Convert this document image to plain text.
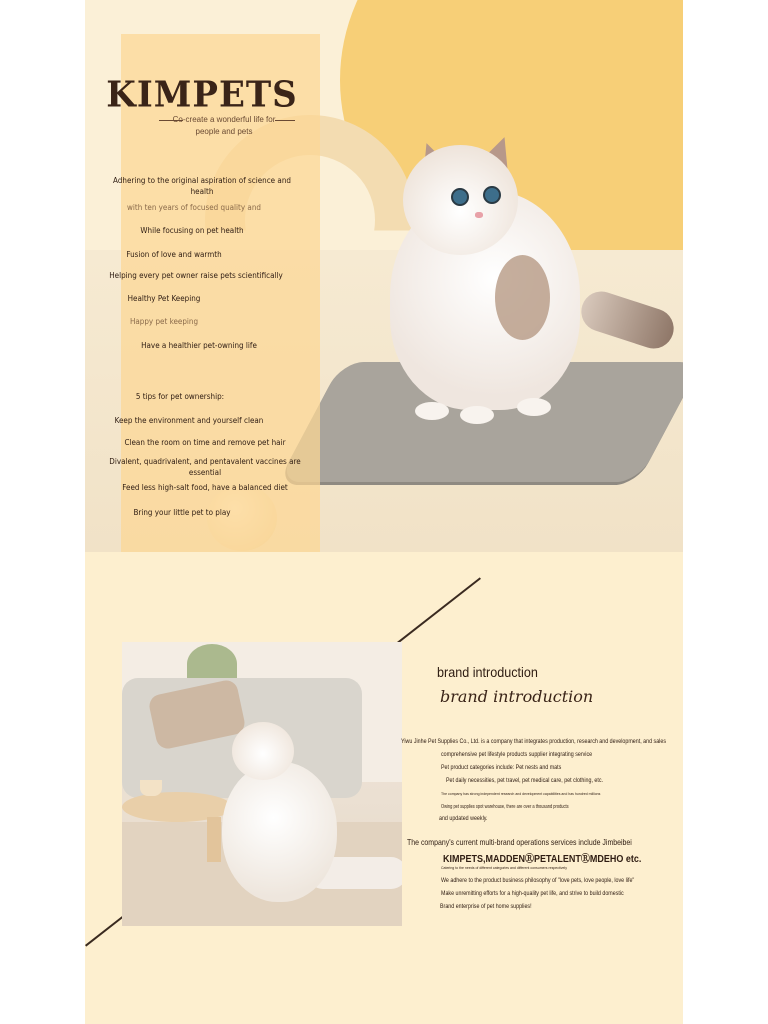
KIMPETS
Co-create a wonderful life for
people and pets
Adhering to the original aspiration of science and
health
with ten years of focused quality and
While focusing on pet health
Fusion of love and warmth
Helping every pet owner raise pets scientifically
Healthy Pet Keeping
Happy pet keeping
Have a healthier pet-owning life
5 tips for pet ownership:
Keep the environment and yourself clean
Clean the room on time and remove pet hair
Divalent, quadrivalent, and pentavalent vaccines are
essential
Feed less high-salt food, have a balanced diet
Bring your little pet to play
brand introduction
brand introduction
Yiwu Jinhe Pet Supplies Co., Ltd. is a company that integrates production, research and development, and sales
comprehensive pet lifestyle products supplier integrating service
Pet product categories include: Pet nests and mats
Pet daily necessities, pet travel, pet medical care, pet clothing, etc.
The company has strong independent research and development capabilities and has hundred millions
Owing pet supplies spot warehouse, there are over a thousand products
and updated weekly.
The company's current multi-brand operations services include Jimbeibei
KIMPETS,MADDENⓇPETALENTⓇMDEHO etc.
Catering to the needs of different categories and different consumers respectively
We adhere to the product business philosophy of "love pets, love people, love life"
Make unremitting efforts for a high-quality pet life, and strive to build domestic
Brand enterprise of pet home supplies!
